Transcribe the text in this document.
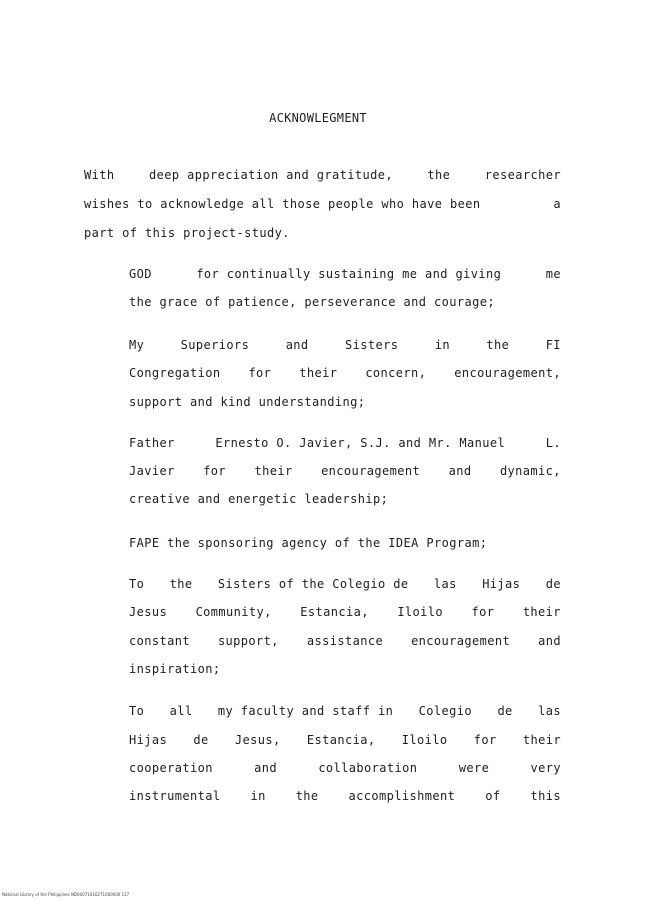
ACKNOWLEGMENT
With	deep appreciation and gratitude,	the	researcher
wishes to acknowledge all those people who have been	a
part of this project-study.
GOD	for continually sustaining me and giving	me
the grace of patience, perseverance and courage;
My	Superiors	and	Sisters	in	the	FI
Congregation for their concern, encouragement,
support and kind understanding;
Father	Ernesto O. Javier, S.J. and Mr. Manuel	L.
Javier for their encouragement and dynamic,
creative and energetic leadership;
FAPE the sponsoring agency of the IDEA Program;
To the Sisters of the Colegio de las Hijas de
Jesus Community, Estancia, Iloilo for their
constant support, assistance encouragement and
inspiration;
To all my faculty and staff in Colegio de las
Hijas de Jesus, Estancia, Iloilo for their
cooperation	and	collaboration	were	very
instrumental in the accomplishment of this
National Library of the Philippines ND00071016271000000 117
